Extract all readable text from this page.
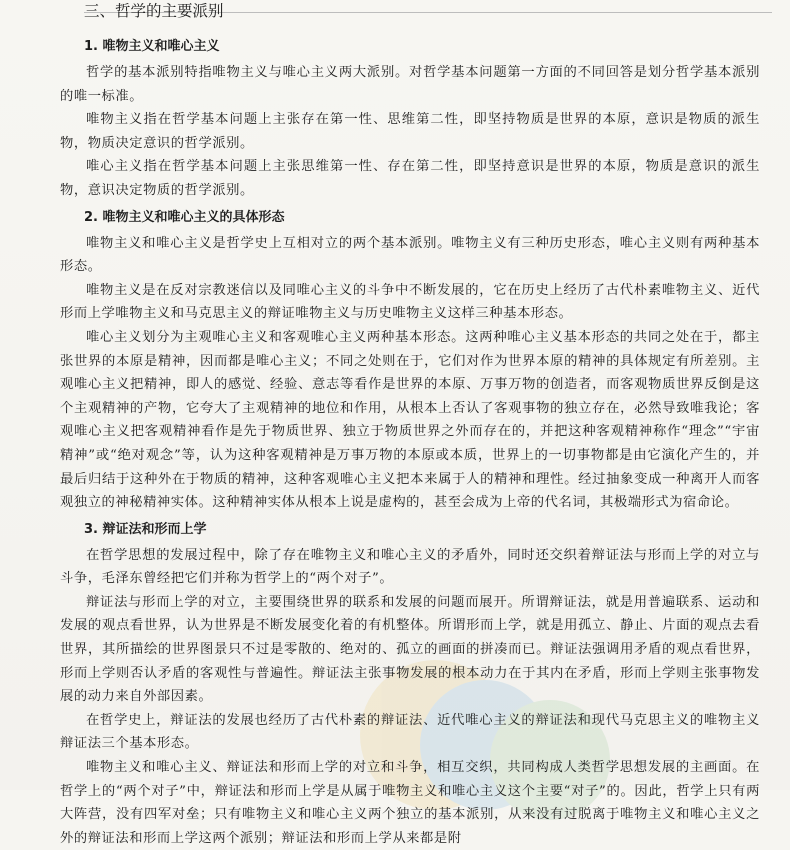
三、哲学的主要派别
1. 唯物主义和唯心主义

哲学的基本派别特指唯物主义与唯心主义两大派别。对哲学基本问题第一方面的不同回答是划分哲学基本派别的唯一标准。

唯物主义指在哲学基本问题上主张存在第一性、思维第二性，即坚持物质是世界的本原，意识是物质的派生物，物质决定意识的哲学派别。

唯心主义指在哲学基本问题上主张思维第一性、存在第二性，即坚持意识是世界的本原，物质是意识的派生物，意识决定物质的哲学派别。

2. 唯物主义和唯心主义的具体形态

唯物主义和唯心主义是哲学史上互相对立的两个基本派别。唯物主义有三种历史形态，唯心主义则有两种基本形态。

唯物主义是在反对宗教迷信以及同唯心主义的斗争中不断发展的，它在历史上经历了古代朴素唯物主义、近代形而上学唯物主义和马克思主义的辩证唯物主义与历史唯物主义这样三种基本形态。

唯心主义划分为主观唯心主义和客观唯心主义两种基本形态。这两种唯心主义基本形态的共同之处在于，都主张世界的本原是精神，因而都是唯心主义；不同之处则在于，它们对作为世界本原的精神的具体规定有所差别。主观唯心主义把精神，即人的感觉、经验、意志等看作是世界的本原、万事万物的创造者，而客观物质世界反倒是这个主观精神的产物，它夸大了主观精神的地位和作用，从根本上否认了客观事物的独立存在，必然导致唯我论；客观唯心主义把客观精神看作是先于物质世界、独立于物质世界之外而存在的，并把这种客观精神称作“理念”“宇宙精神”或“绝对观念”等，认为这种客观精神是万事万物的本原或本质，世界上的一切事物都是由它演化产生的，并最后归结于这种外在于物质的精神，这种客观唯心主义把本来属于人的精神和理性。经过抽象变成一种离开人而客观独立的神秘精神实体。这种精神实体从根本上说是虚构的，甚至会成为上帝的代名词，其极端形式为宿命论。

3. 辩证法和形而上学

在哲学思想的发展过程中，除了存在唯物主义和唯心主义的矛盾外，同时还交织着辩证法与形而上学的对立与斗争，毛泽东曾经把它们并称为哲学上的“两个对子”。

辩证法与形而上学的对立，主要围绕世界的联系和发展的问题而展开。所谓辩证法，就是用普遍联系、运动和发展的观点看世界，认为世界是不断发展变化着的有机整体。所谓形而上学，就是用孤立、静止、片面的观点去看世界，其所描绘的世界图景只不过是零散的、绝对的、孤立的画面的拼凑而已。辩证法强调用矛盾的观点看世界，形而上学则否认矛盾的客观性与普遍性。辩证法主张事物发展的根本动力在于其内在矛盾，形而上学则主张事物发展的动力来自外部因素。

在哲学史上，辩证法的发展也经历了古代朴素的辩证法、近代唯心主义的辩证法和现代马克思主义的唯物主义辩证法三个基本形态。

唯物主义和唯心主义、辩证法和形而上学的对立和斗争，相互交织，共同构成人类哲学思想发展的主画面。在哲学上的“两个对子”中，辩证法和形而上学是从属于唯物主义和唯心主义这个主要“对子”的。因此，哲学上只有两大阵营，没有四军对垒；只有唯物主义和唯心主义两个独立的基本派别，从来没有过脱离于唯物主义和唯心主义之外的辩证法和形而上学这两个派别；辩证法和形而上学从来都是附
